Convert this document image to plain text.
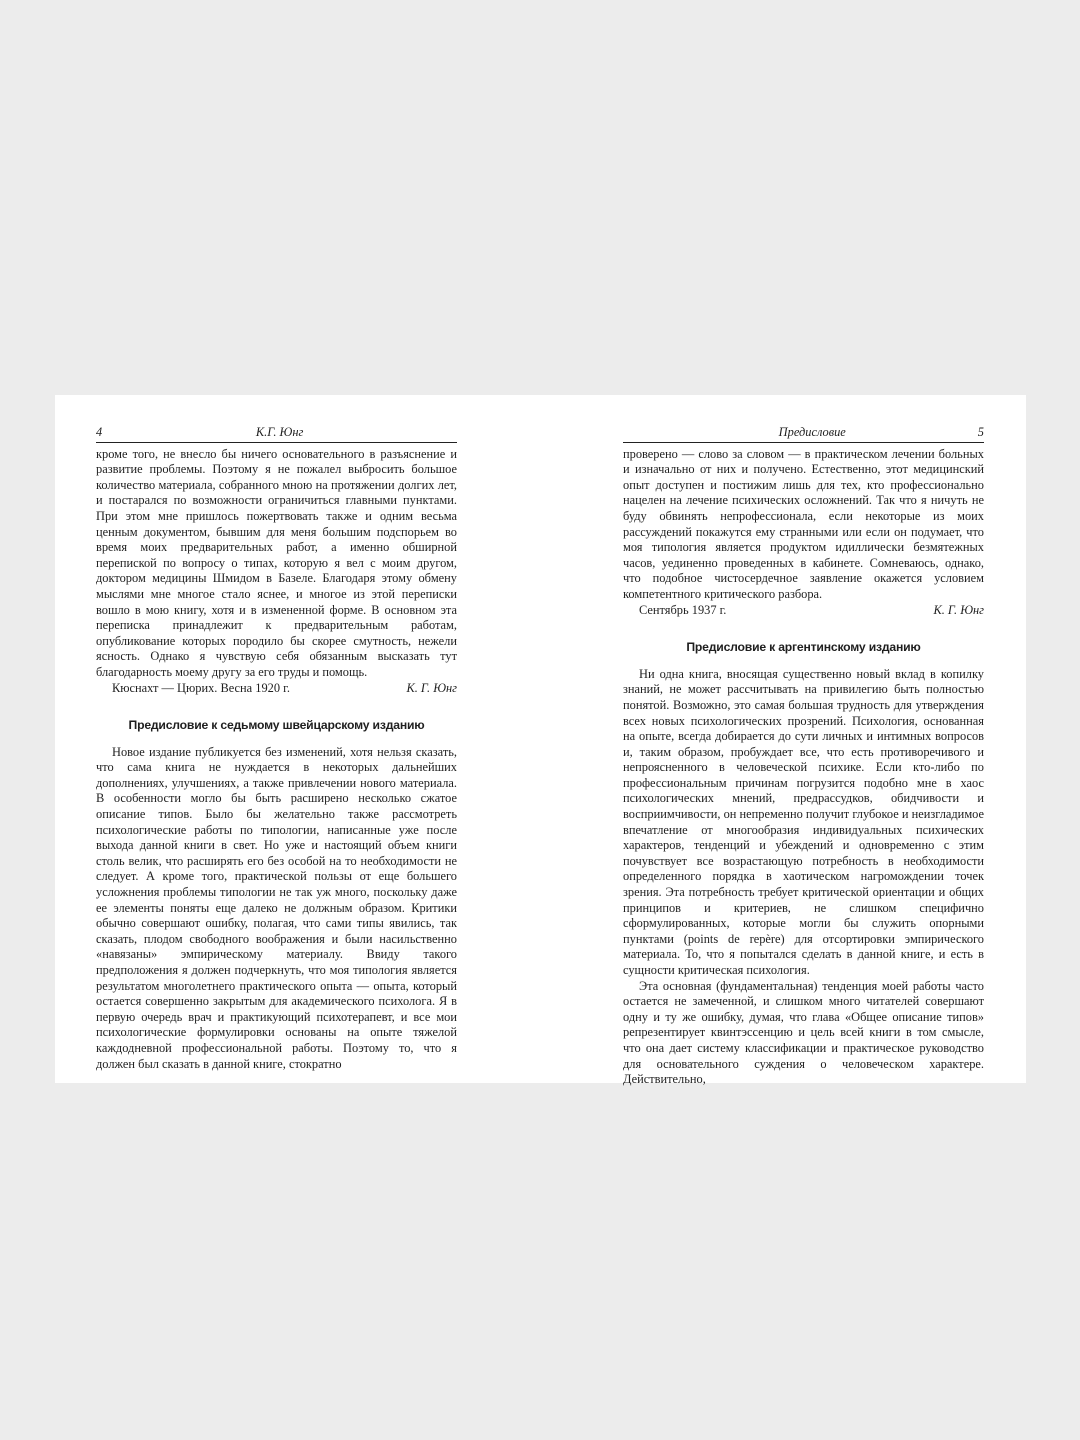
4	К.Г. Юнг

кроме того, не внесло бы ничего основательного в разъяснение и развитие проблемы. Поэтому я не пожалел выбросить большое количество материала, собранного мною на протяжении долгих лет, и постарался по возможности ограничиться главными пунктами. При этом мне пришлось пожертвовать также и одним весьма ценным документом, бывшим для меня большим подспорьем во время моих предварительных работ, а именно обширной перепиской по вопросу о типах, которую я вел с моим другом, доктором медицины Шмидом в Базеле. Благодаря этому обмену мыслями мне многое стало яснее, и многое из этой переписки вошло в мою книгу, хотя и в измененной форме. В основном эта переписка принадлежит к предварительным работам, опубликование которых породило бы скорее смутность, нежели ясность. Однако я чувствую себя обязанным высказать тут благодарность моему другу за его труды и помощь.

Кюснахт — Цюрих. Весна 1920 г.	К. Г. Юнг
Предисловие к седьмому швейцарскому изданию

Новое издание публикуется без изменений, хотя нельзя сказать, что сама книга не нуждается в некоторых дальнейших дополнениях, улучшениях, а также привлечении нового материала. В особенности могло бы быть расширено несколько сжатое описание типов. Было бы желательно также рассмотреть психологические работы по типологии, написанные уже после выхода данной книги в свет. Но уже и настоящий объем книги столь велик, что расширять его без особой на то необходимости не следует. А кроме того, практической пользы от еще большего усложнения проблемы типологии не так уж много, поскольку даже ее элементы поняты еще далеко не должным образом. Критики обычно совершают ошибку, полагая, что сами типы явились, так сказать, плодом свободного воображения и были насильственно «навязаны» эмпирическому материалу. Ввиду такого предположения я должен подчеркнуть, что моя типология является результатом многолетнего практического опыта — опыта, который остается совершенно закрытым для академического психолога. Я в первую очередь врач и практикующий психотерапевт, и все мои психологические формулировки основаны на опыте тяжелой каждодневной профессиональной работы. Поэтому то, что я должен был сказать в данной книге, стократно

Предисловие	5

проверено — слово за словом — в практическом лечении больных и изначально от них и получено. Естественно, этот медицинский опыт доступен и постижим лишь для тех, кто профессионально нацелен на лечение психических осложнений. Так что я ничуть не буду обвинять непрофессионала, если некоторые из моих рассуждений покажутся ему странными или если он подумает, что моя типология является продуктом идиллически безмятежных часов, уединенно проведенных в кабинете. Сомневаюсь, однако, что подобное чистосердечное заявление окажется условием компетентного критического разбора.

Сентябрь 1937 г.	К. Г. Юнг
Предисловие к аргентинскому изданию

Ни одна книга, вносящая существенно новый вклад в копилку знаний, не может рассчитывать на привилегию быть полностью понятой. Возможно, это самая большая трудность для утверждения всех новых психологических прозрений. Психология, основанная на опыте, всегда добирается до сути личных и интимных вопросов и, таким образом, пробуждает все, что есть противоречивого и непроясненного в человеческой психике. Если кто-либо по профессиональным причинам погрузится подобно мне в хаос психологических мнений, предрассудков, обидчивости и восприимчивости, он непременно получит глубокое и неизгладимое впечатление от многообразия индивидуальных психических характеров, тенденций и убеждений и одновременно с этим почувствует все возрастающую потребность в необходимости определенного порядка в хаотическом нагромождении точек зрения. Эта потребность требует критической ориентации и общих принципов и критериев, не слишком специфично сформулированных, которые могли бы служить опорными пунктами (points de repère) для отсортировки эмпирического материала. То, что я попытался сделать в данной книге, и есть в сущности критическая психология.

Эта основная (фундаментальная) тенденция моей работы часто остается не замеченной, и слишком много читателей совершают одну и ту же ошибку, думая, что глава «Общее описание типов» репрезентирует квинтэссенцию и цель всей книги в том смысле, что она дает систему классификации и практическое руководство для основательного суждения о человеческом характере. Действительно,
